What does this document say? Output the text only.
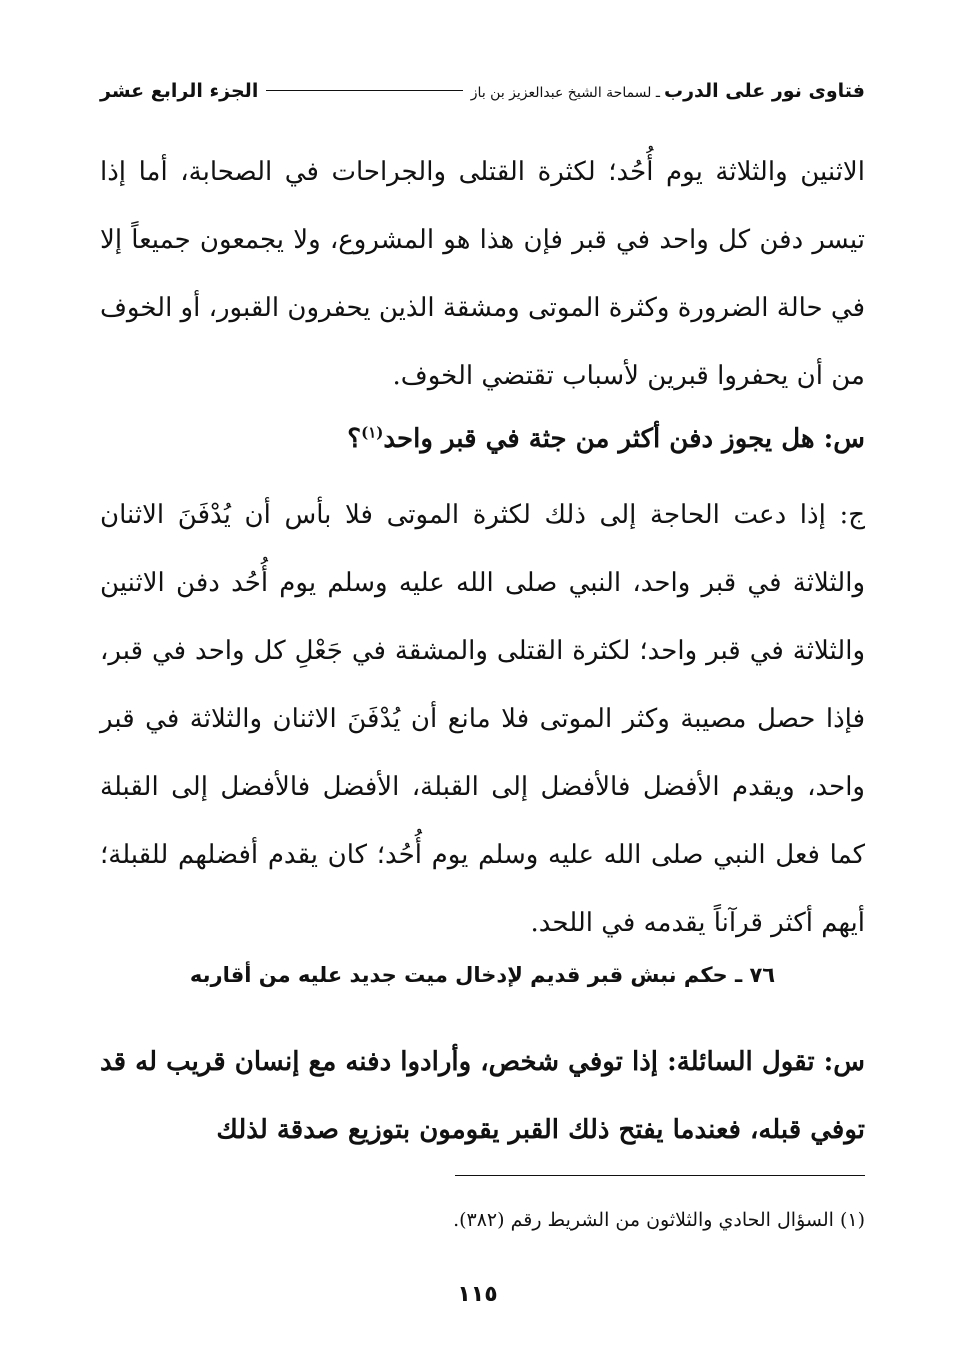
فتاوى نور على الدرب
ـ لسماحة الشيخ عبدالعزيز بن باز
الجزء الرابع عشر

الاثنين والثلاثة يوم أُحُد؛ لكثرة القتلى والجراحات في الصحابة، أما إذا تيسر دفن كل واحد في قبر فإن هذا هو المشروع، ولا يجمعون جميعاً إلا في حالة الضرورة وكثرة الموتى ومشقة الذين يحفرون القبور، أو الخوف من أن يحفروا قبرين لأسباب تقتضي الخوف.

س: هل يجوز دفن أكثر من جثة في قبر واحد$^{(١)}$؟

ج: إذا دعت الحاجة إلى ذلك لكثرة الموتى فلا بأس أن يُدْفَنَ الاثنان والثلاثة في قبر واحد، النبي صلى الله عليه وسلم يوم أُحُد دفن الاثنين والثلاثة في قبر واحد؛ لكثرة القتلى والمشقة في جَعْلِ كل واحد في قبر، فإذا حصل مصيبة وكثر الموتى فلا مانع أن يُدْفَنَ الاثنان والثلاثة في قبر واحد، ويقدم الأفضل فالأفضل إلى القبلة، الأفضل فالأفضل إلى القبلة كما فعل النبي صلى الله عليه وسلم يوم أُحُد؛ كان يقدم أفضلهم للقبلة؛ أيهم أكثر قرآناً يقدمه في اللحد.

٧٦ ـ حكم نبش قبر قديم لإدخال ميت جديد عليه من أقاربه

س: تقول السائلة: إذا توفي شخص، وأرادوا دفنه مع إنسان قريب له قد توفي قبله، فعندما يفتح ذلك القبر يقومون بتوزيع صدقة لذلك

(١) السؤال الحادي والثلاثون من الشريط رقم (٣٨٢).

١١٥
